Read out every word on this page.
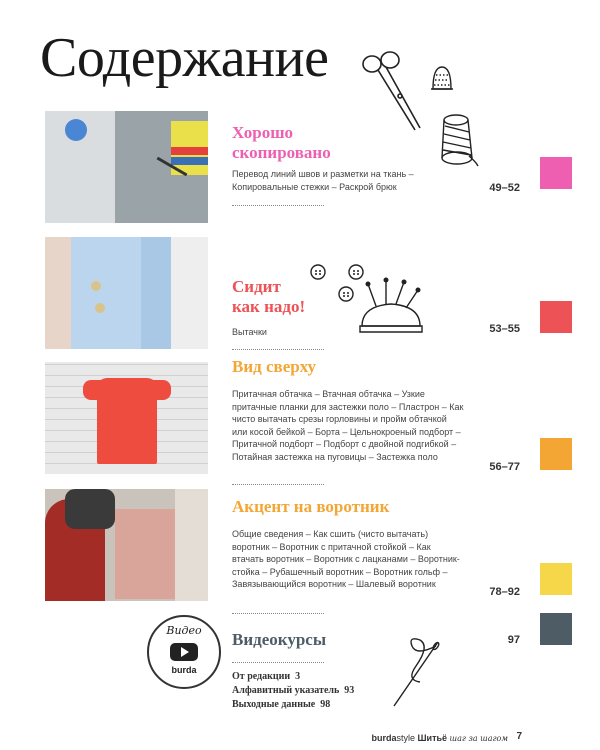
Содержание
Хорошо
скопировано
Перевод линий швов и разметки на ткань – Копировальные стежки – Раскрой брюк	49–52
Сидит
как надо!
Вытачки	53–55
Вид сверху
Притачная обтачка – Втачная обтачка – Узкие притачные планки для застежки поло – Пластрон – Как чисто вытачать срезы горловины и пройм обтачкой или косой бейкой – Борта – Цельнокроеный подборт – Притачной подборт – Подборт с двойной подгибкой – Потайная застежка на пуговицы – Застежка поло
56–77
Акцент на воротник
Общие сведения – Как сшить (чисто вытачать) воротник – Воротник с притачной стойкой – Как втачать воротник – Воротник с лацканами – Воротник-стойка – Рубашечный воротник – Воротник гольф – Завязывающийся воротник – Шалевый воротник
78–92
Видео
burda
Видеокурсы	97
От редакции 3
Алфавитный указатель 93
Выходные данные 98
burdastyle Шитьё шаг за шагом 7
